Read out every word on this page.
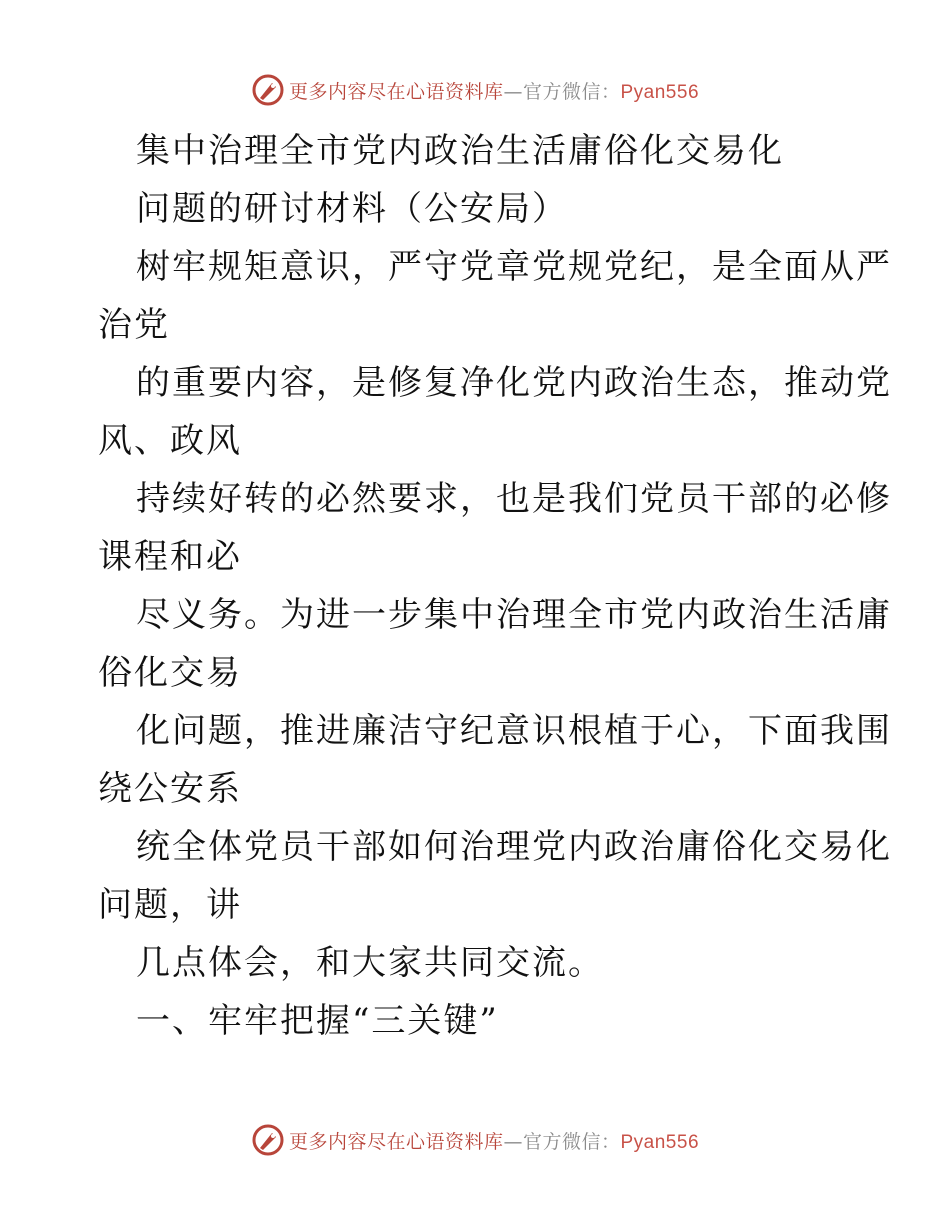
更多内容尽在心语资料库—官方微信：Pyan556
集中治理全市党内政治生活庸俗化交易化
问题的研讨材料（公安局）
树牢规矩意识，严守党章党规党纪，是全面从严
治党
的重要内容，是修复净化党内政治生态，推动党
风、政风
持续好转的必然要求，也是我们党员干部的必修
课程和必
尽义务。为进一步集中治理全市党内政治生活庸
俗化交易
化问题，推进廉洁守纪意识根植于心，下面我围
绕公安系
统全体党员干部如何治理党内政治庸俗化交易化
问题，讲
几点体会，和大家共同交流。
一、牢牢把握“三关键”
更多内容尽在心语资料库—官方微信：Pyan556
